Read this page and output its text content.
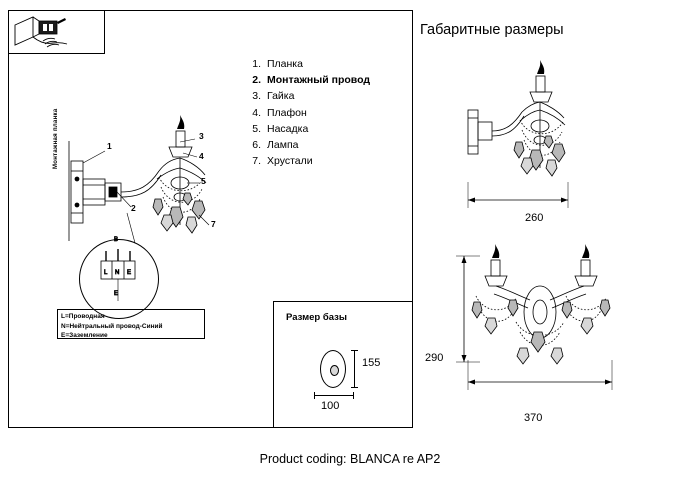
1. Планка
2. Монтажный провод
3. Гайка
4. Плафон
5. Насадка
6. Лампа
7. Хрустали
Монтажная планка
L N E
E
B
1
2
3
4
5
7
L=Проводная
N=Нейтральный провод-Синий
E=Заземление
Размер базы
155
100
Габаритные размеры
260
290
370
Product coding: BLANCA re AP2
